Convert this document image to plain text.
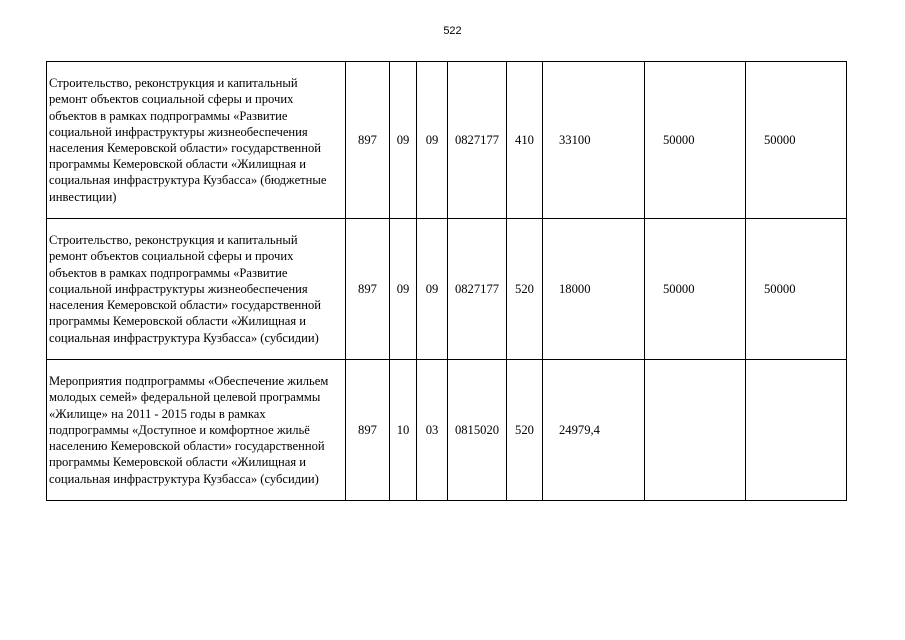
522
Строительство, реконструкция и капитальный ремонт объектов социальной сферы и прочих объектов в рамках подпрограммы «Развитие социальной инфраструктуры жизнеобеспечения населения Кемеровской области» государственной программы Кемеровской области «Жилищная и социальная инфраструктура Кузбасса» (бюджетные инвестиции)	897	09	09	0827177	410	33100	50000	50000
Строительство, реконструкция и капитальный ремонт объектов социальной сферы и прочих объектов в рамках подпрограммы «Развитие социальной инфраструктуры жизнеобеспечения населения Кемеровской области» государственной программы Кемеровской области «Жилищная и социальная инфраструктура Кузбасса» (субсидии)	897	09	09	0827177	520	18000	50000	50000
Мероприятия подпрограммы «Обеспечение жильем молодых семей» федеральной целевой программы «Жилище» на 2011 - 2015 годы в рамках подпрограммы «Доступное и комфортное жильё населению Кемеровской области» государственной программы Кемеровской области «Жилищная и социальная инфраструктура Кузбасса» (субсидии)	897	10	03	0815020	520	24979,4		
